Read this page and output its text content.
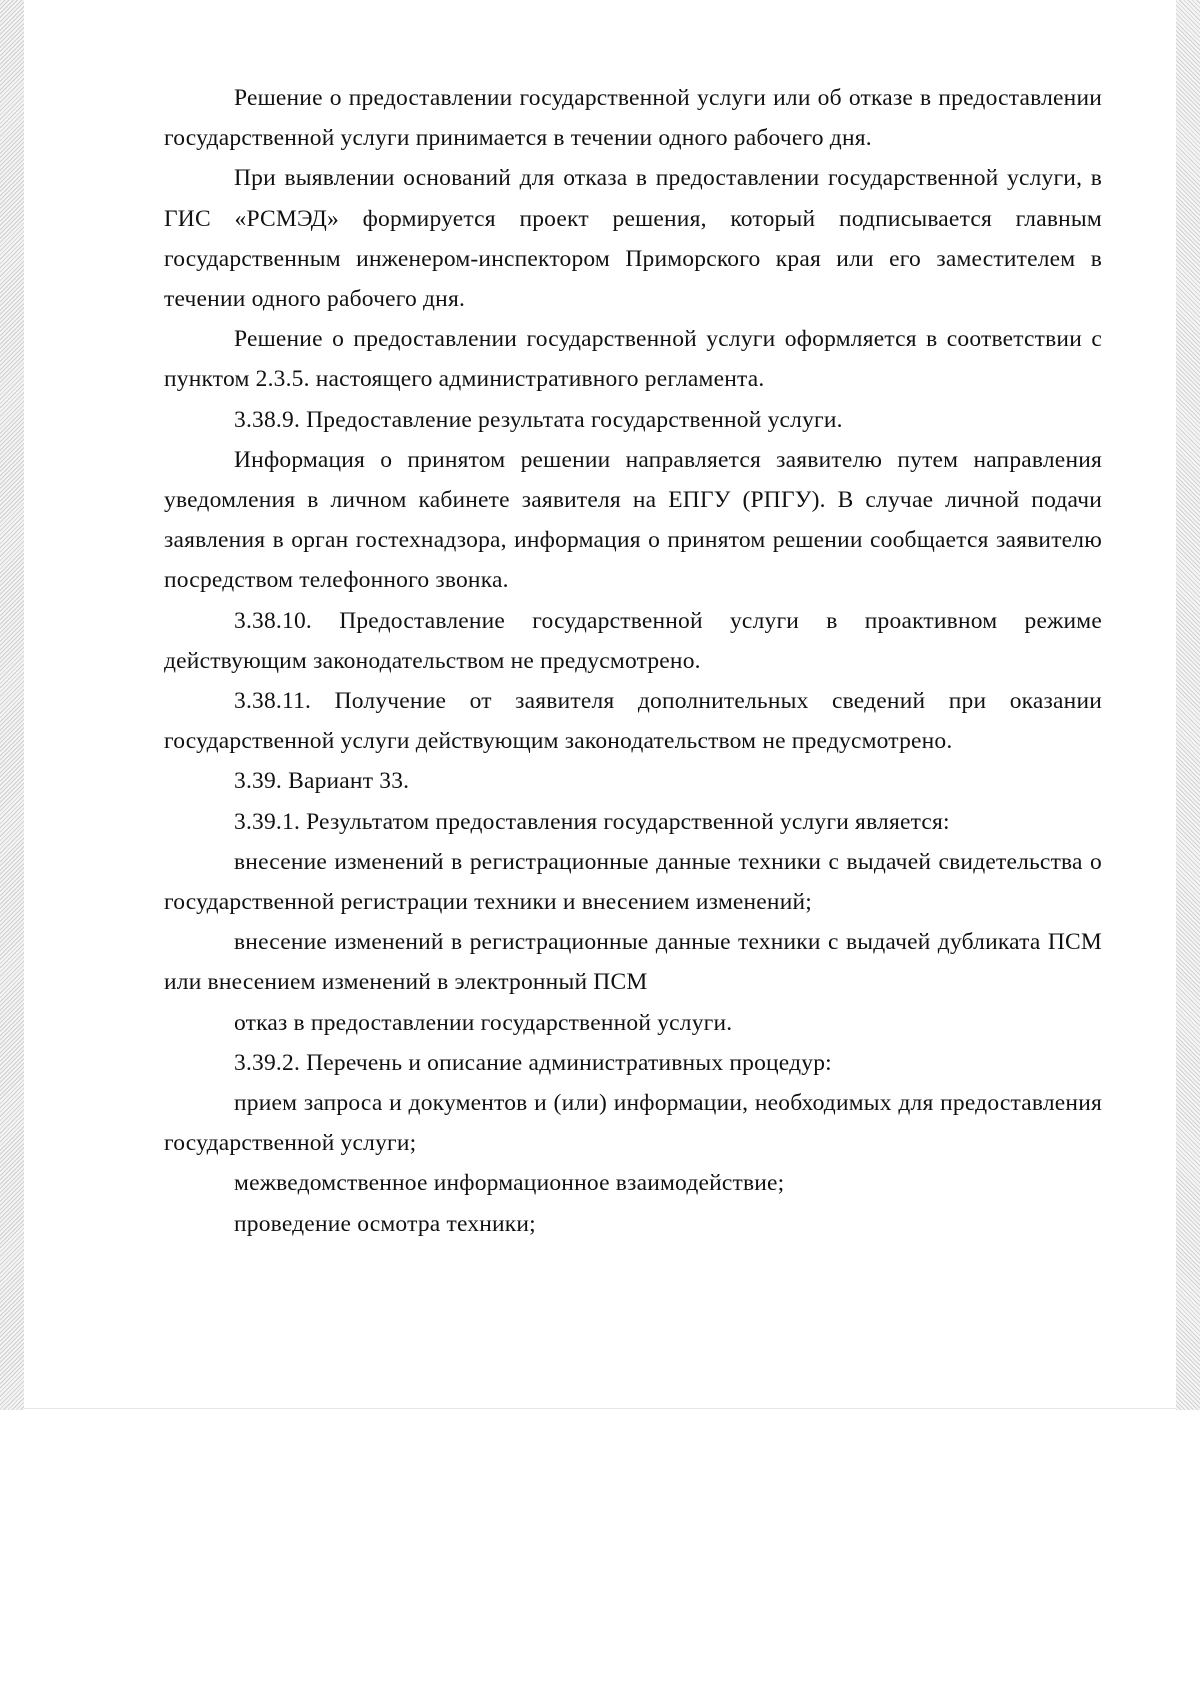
Решение о предоставлении государственной услуги или об отказе в предоставлении государственной услуги принимается в течении одного рабочего дня.

При выявлении оснований для отказа в предоставлении государственной услуги, в ГИС «РСМЭД» формируется проект решения, который подписывается главным государственным инженером-инспектором Приморского края или его заместителем в течении одного рабочего дня.

Решение о предоставлении государственной услуги оформляется в соответствии с пунктом 2.3.5. настоящего административного регламента.

3.38.9. Предоставление результата государственной услуги.

Информация о принятом решении направляется заявителю путем направления уведомления в личном кабинете заявителя на ЕПГУ (РПГУ). В случае личной подачи заявления в орган гостехнадзора, информация о принятом решении сообщается заявителю посредством телефонного звонка.

3.38.10. Предоставление государственной услуги в проактивном режиме действующим законодательством не предусмотрено.

3.38.11. Получение от заявителя дополнительных сведений при оказании государственной услуги действующим законодательством не предусмотрено.

3.39. Вариант 33.

3.39.1. Результатом предоставления государственной услуги является:

внесение изменений в регистрационные данные техники с выдачей свидетельства о государственной регистрации техники и внесением изменений;

внесение изменений в регистрационные данные техники с выдачей дубликата ПСМ или внесением изменений в электронный ПСМ

отказ в предоставлении государственной услуги.

3.39.2. Перечень и описание административных процедур:

прием запроса и документов и (или) информации, необходимых для предоставления государственной услуги;

межведомственное информационное взаимодействие;

проведение осмотра техники;
